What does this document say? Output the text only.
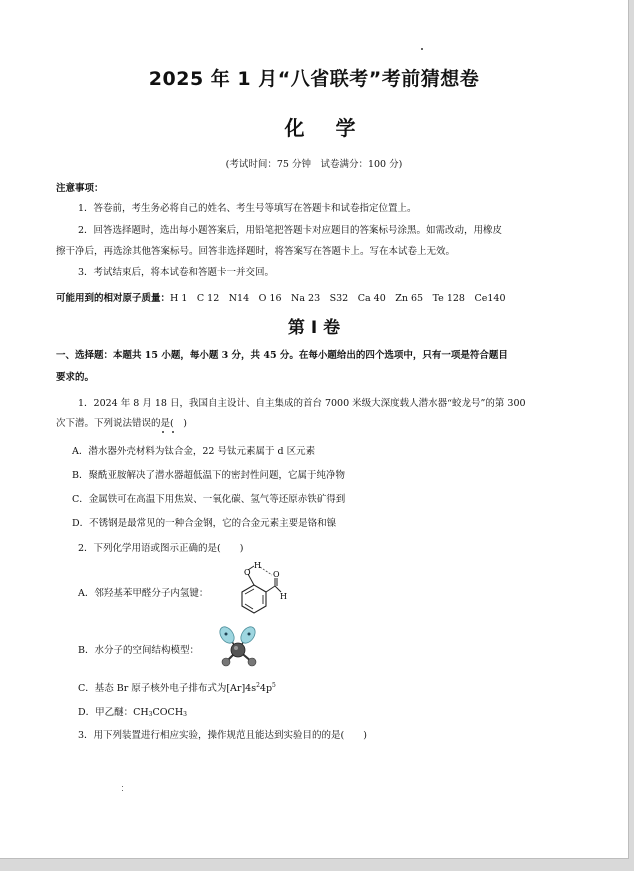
2025 年 1 月“八省联考”考前猜想卷
化 学
(考试时间：75 分钟　试卷满分：100 分)
注意事项：
1．答卷前，考生务必将自己的姓名、考生号等填写在答题卡和试卷指定位置上。
2．回答选择题时，选出每小题答案后，用铅笔把答题卡对应题目的答案标号涂黑。如需改动，用橡皮
擦干净后，再选涂其他答案标号。回答非选择题时，将答案写在答题卡上。写在本试卷上无效。
3．考试结束后，将本试卷和答题卡一并交回。
可能用到的相对原子质量：H 1　C 12　N14　O 16　Na 23　S32　Ca 40　Zn 65　Te 128　Ce140
第 I 卷
一、选择题：本题共 15 小题，每小题 3 分，共 45 分。在每小题给出的四个选项中，只有一项是符合题目
要求的。
1．2024 年 8 月 18 日，我国自主设计、自主集成的首台 7000 米级大深度载人潜水器“蛟龙号”的第 300
次下潜。下列说法错误的是(　)
A．潜水器外壳材料为钛合金，22 号钛元素属于 d 区元素
B．聚酰亚胺解决了潜水器超低温下的密封性问题，它属于纯净物
C．金属铁可在高温下用焦炭、一氧化碳、氢气等还原赤铁矿得到
D．不锈钢是最常见的一种合金钢，它的合金元素主要是铬和镍
2．下列化学用语或图示正确的是(　　)
A．邻羟基苯甲醛分子内氢键：
O
H
O
H
B．水分子的空间结构模型：
C．基态 Br 原子核外电子排布式为$[Ar]4s^24p^5$
D．甲乙醚：$CH_3COCH_3$
3．用下列装置进行相应实验，操作规范且能达到实验目的的是(　　)
